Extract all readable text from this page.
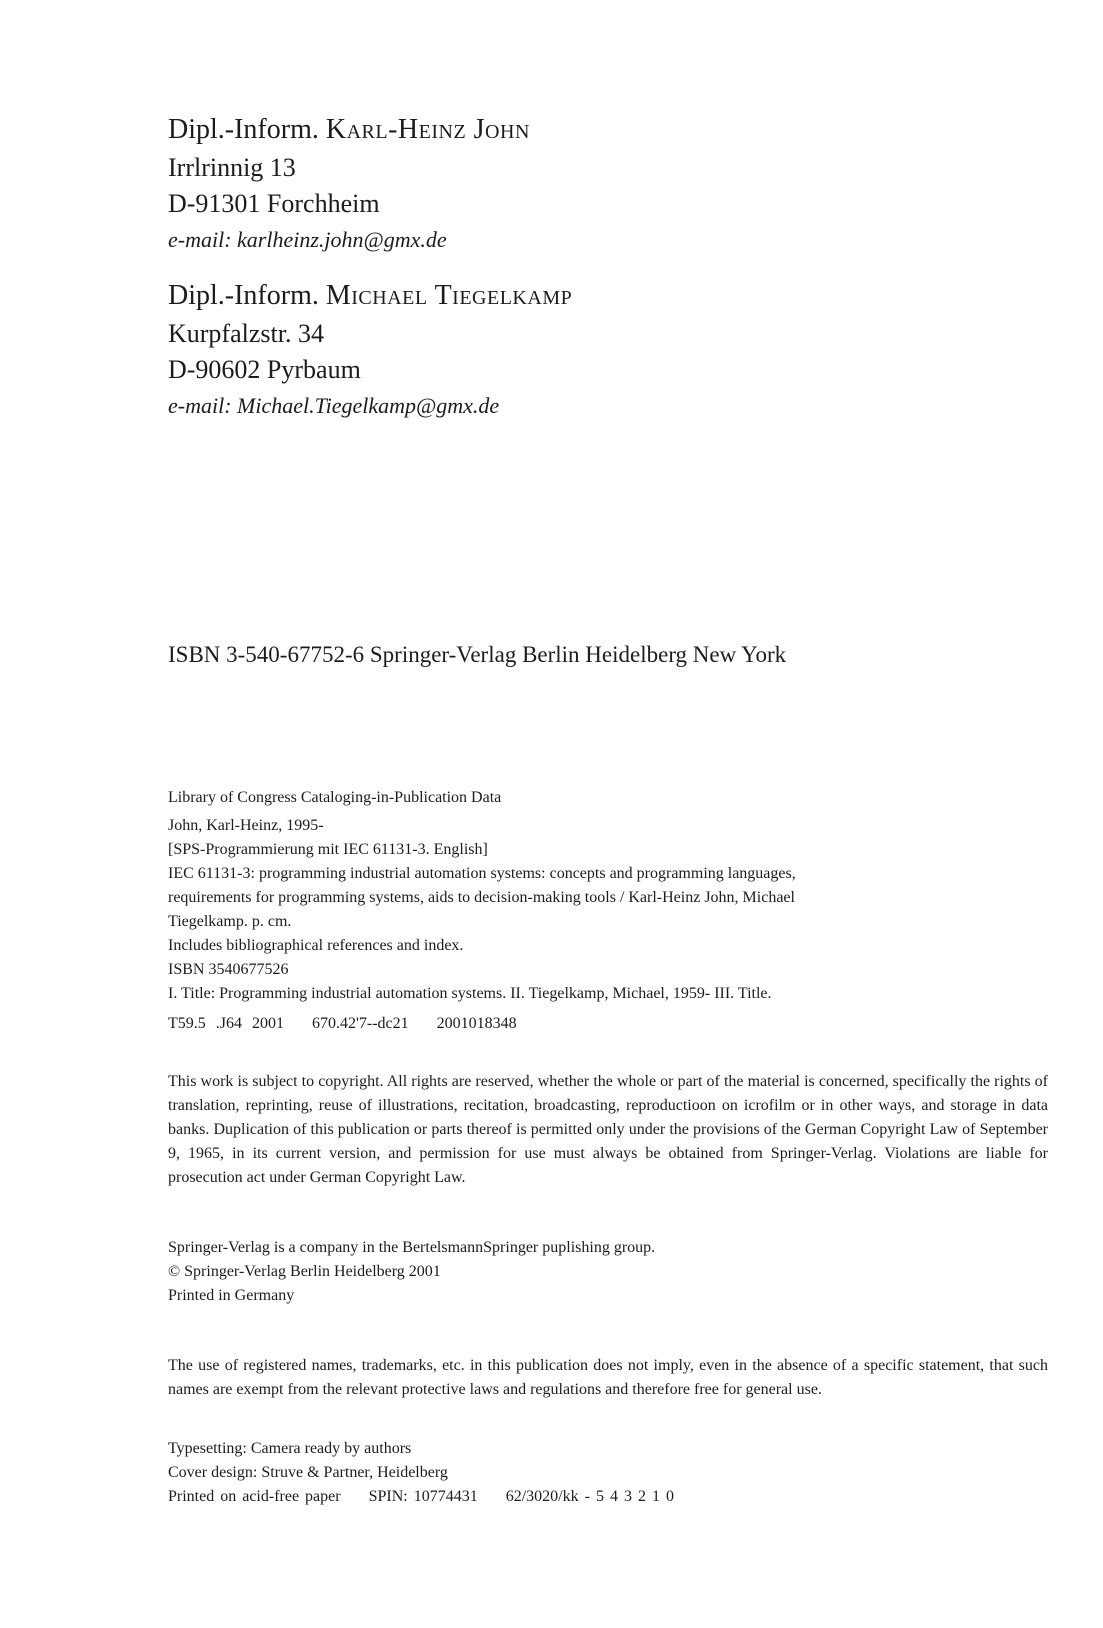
Dipl.-Inform. Karl-Heinz John
Irrlrinnig 13
D-91301 Forchheim
e-mail: karlheinz.john@gmx.de
Dipl.-Inform. Michael Tiegelkamp
Kurpfalzstr. 34
D-90602 Pyrbaum
e-mail: Michael.Tiegelkamp@gmx.de
ISBN 3-540-67752-6 Springer-Verlag Berlin Heidelberg New York
Library of Congress Cataloging-in-Publication Data
John, Karl-Heinz, 1995-
[SPS-Programmierung mit IEC 61131-3. English]
IEC 61131-3: programming industrial automation systems: concepts and programming languages,
requirements for programming systems, aids to decision-making tools / Karl-Heinz John, Michael
Tiegelkamp. p. cm.
Includes bibliographical references and index.
ISBN 3540677526
I. Title: Programming industrial automation systems. II. Tiegelkamp, Michael, 1959- III. Title.
T59.5 .J64 2001 670.42'7--dc21 2001018348
This work is subject to copyright. All rights are reserved, whether the whole or part of the material is concerned, specifically the rights of translation, reprinting, reuse of illustrations, recitation, broadcasting, reproductioon on icrofilm or in other ways, and storage in data banks. Duplication of this publication or parts thereof is permitted only under the provisions of the German Copyright Law of September 9, 1965, in its current version, and permission for use must always be obtained from Springer-Verlag. Violations are liable for prosecution act under German Copyright Law.
Springer-Verlag is a company in the BertelsmannSpringer puplishing group.
© Springer-Verlag Berlin Heidelberg 2001
Printed in Germany
The use of registered names, trademarks, etc. in this publication does not imply, even in the absence of a specific statement, that such names are exempt from the relevant protective laws and regulations and therefore free for general use.
Typesetting: Camera ready by authors
Cover design: Struve & Partner, Heidelberg
Printed on acid-free paper SPIN: 10774431 62/3020/kk - 5 4 3 2 1 0
